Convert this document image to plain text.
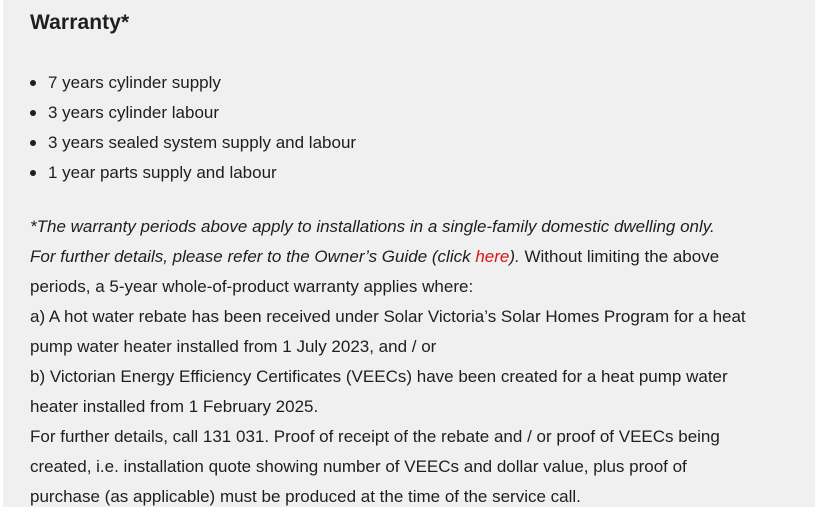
Warranty*
7 years cylinder supply
3 years cylinder labour
3 years sealed system supply and labour
1 year parts supply and labour
*The warranty periods above apply to installations in a single-family domestic dwelling only.
For further details, please refer to the Owner’s Guide (click here). Without limiting the above
periods, a 5-year whole-of-product warranty applies where:
a) A hot water rebate has been received under Solar Victoria’s Solar Homes Program for a heat
pump water heater installed from 1 July 2023, and / or
b) Victorian Energy Efficiency Certificates (VEECs) have been created for a heat pump water
heater installed from 1 February 2025.
For further details, call 131 031. Proof of receipt of the rebate and / or proof of VEECs being
created, i.e. installation quote showing number of VEECs and dollar value, plus proof of
purchase (as applicable) must be produced at the time of the service call.
